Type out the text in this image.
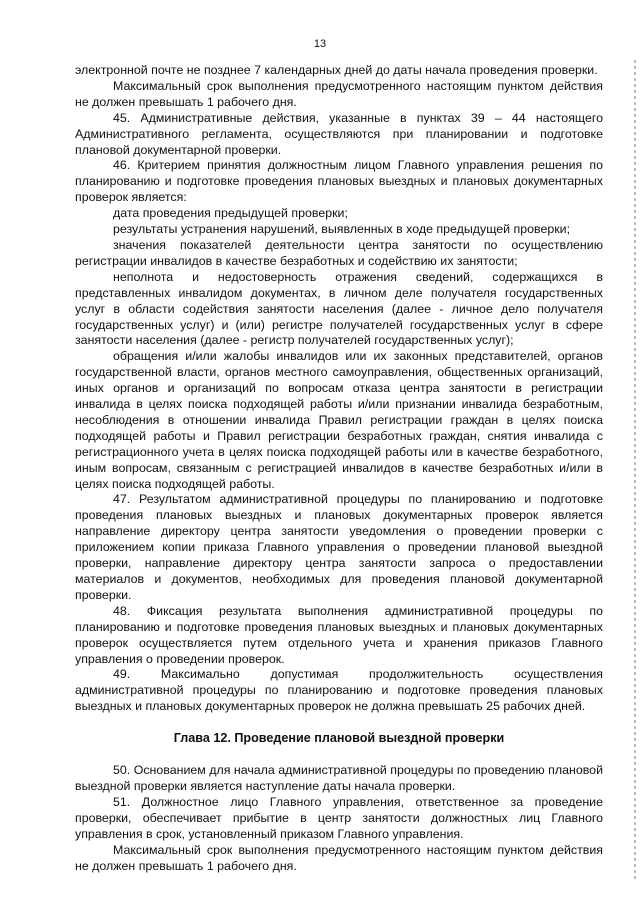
13

электронной почте не позднее 7 календарных дней до даты начала проведения проверки.

Максимальный срок выполнения предусмотренного настоящим пунктом действия не должен превышать 1 рабочего дня.

45. Административные действия, указанные в пунктах 39 – 44 настоящего Административного регламента, осуществляются при планировании и подготовке плановой документарной проверки.

46. Критерием принятия должностным лицом Главного управления решения по планированию и подготовке проведения плановых выездных и плановых документарных проверок является:

дата проведения предыдущей проверки;

результаты устранения нарушений, выявленных в ходе предыдущей проверки;

значения показателей деятельности центра занятости по осуществлению регистрации инвалидов в качестве безработных и содействию их занятости;

неполнота и недостоверность отражения сведений, содержащихся в представленных инвалидом документах, в личном деле получателя государственных услуг в области содействия занятости населения (далее - личное дело получателя государственных услуг) и (или) регистре получателей государственных услуг в сфере занятости населения (далее - регистр получателей государственных услуг);

обращения и/или жалобы инвалидов или их законных представителей, органов государственной власти, органов местного самоуправления, общественных организаций, иных органов и организаций по вопросам отказа центра занятости в регистрации инвалида в целях поиска подходящей работы и/или признании инвалида безработным, несоблюдения в отношении инвалида Правил регистрации граждан в целях поиска подходящей работы и Правил регистрации безработных граждан, снятия инвалида с регистрационного учета в целях поиска подходящей работы или в качестве безработного, иным вопросам, связанным с регистрацией инвалидов в качестве безработных и/или в целях поиска подходящей работы.

47. Результатом административной процедуры по планированию и подготовке проведения плановых выездных и плановых документарных проверок является направление директору центра занятости уведомления о проведении проверки с приложением копии приказа Главного управления о проведении плановой выездной проверки, направление директору центра занятости запроса о предоставлении материалов и документов, необходимых для проведения плановой документарной проверки.

48. Фиксация результата выполнения административной процедуры по планированию и подготовке проведения плановых выездных и плановых документарных проверок осуществляется путем отдельного учета и хранения приказов Главного управления о проведении проверок.

49. Максимально допустимая продолжительность осуществления административной процедуры по планированию и подготовке проведения плановых выездных и плановых документарных проверок не должна превышать 25 рабочих дней.

Глава 12. Проведение плановой выездной проверки

50. Основанием для начала административной процедуры по проведению плановой выездной проверки является наступление даты начала проверки.

51. Должностное лицо Главного управления, ответственное за проведение проверки, обеспечивает прибытие в центр занятости должностных лиц Главного управления в срок, установленный приказом Главного управления.

Максимальный срок выполнения предусмотренного настоящим пунктом действия не должен превышать 1 рабочего дня.
